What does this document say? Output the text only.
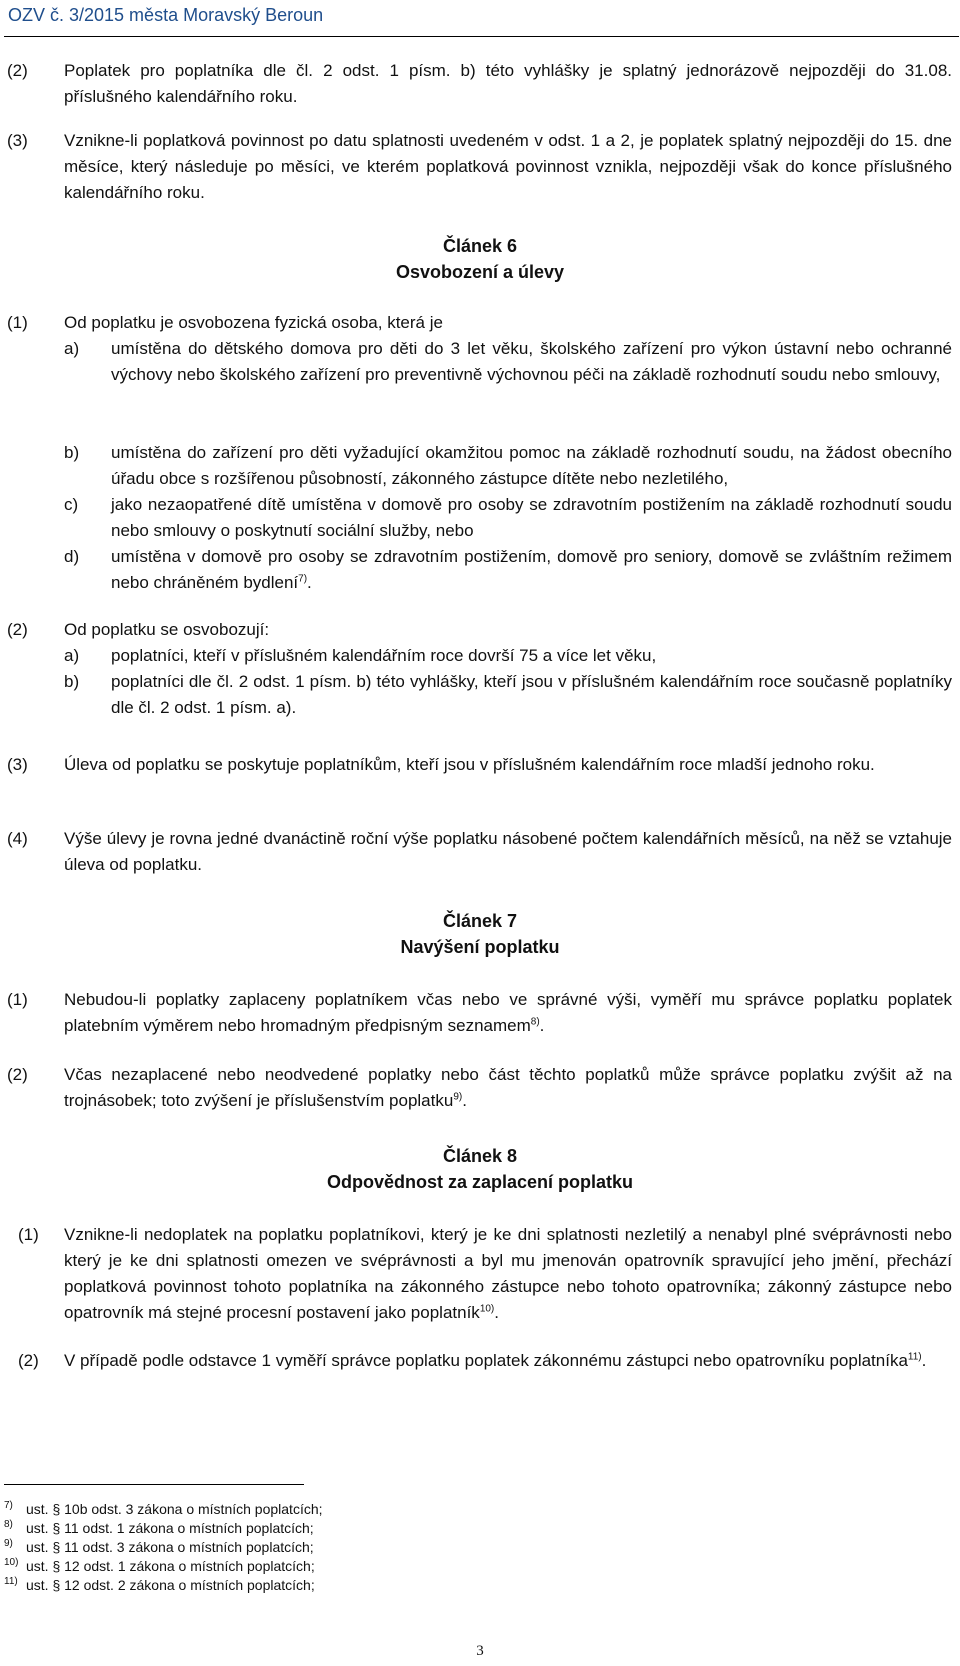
OZV č. 3/2015 města Moravský Beroun
(2) Poplatek pro poplatníka dle čl. 2 odst. 1 písm. b) této vyhlášky je splatný jednorázově nejpozději do 31.08. příslušného kalendářního roku.
(3) Vznikne-li poplatková povinnost po datu splatnosti uvedeném v odst. 1 a 2, je poplatek splatný nejpozději do 15. dne měsíce, který následuje po měsíci, ve kterém poplatková povinnost vznikla, nejpozději však do konce příslušného kalendářního roku.
Článek 6
Osvobození a úlevy
(1) Od poplatku je osvobozena fyzická osoba, která je
a) umístěna do dětského domova pro děti do 3 let věku, školského zařízení pro výkon ústavní nebo ochranné výchovy nebo školského zařízení pro preventivně výchovnou péči na základě rozhodnutí soudu nebo smlouvy,
b) umístěna do zařízení pro děti vyžadující okamžitou pomoc na základě rozhodnutí soudu, na žádost obecního úřadu obce s rozšířenou působností, zákonného zástupce dítěte nebo nezletilého,
c) jako nezaopatřené dítě umístěna v domově pro osoby se zdravotním postižením na základě rozhodnutí soudu nebo smlouvy o poskytnutí sociální služby, nebo
d) umístěna v domově pro osoby se zdravotním postižením, domově pro seniory, domově se zvláštním režimem nebo chráněném bydlení$^{7)}$.
(2) Od poplatku se osvobozují:
a) poplatníci, kteří v příslušném kalendářním roce dovrší 75 a více let věku,
b) poplatníci dle čl. 2 odst. 1 písm. b) této vyhlášky, kteří jsou v příslušném kalendářním roce současně poplatníky dle čl. 2 odst. 1 písm. a).
(3) Úleva od poplatku se poskytuje poplatníkům, kteří jsou v příslušném kalendářním roce mladší jednoho roku.
(4) Výše úlevy je rovna jedné dvanáctině roční výše poplatku násobené počtem kalendářních měsíců, na něž se vztahuje úleva od poplatku.
Článek 7
Navýšení poplatku
(1) Nebudou-li poplatky zaplaceny poplatníkem včas nebo ve správné výši, vyměří mu správce poplatku poplatek platebním výměrem nebo hromadným předpisným seznamem$^{8)}$.
(2) Včas nezaplacené nebo neodvedené poplatky nebo část těchto poplatků může správce poplatku zvýšit až na trojnásobek; toto zvýšení je příslušenstvím poplatku$^{9)}$.
Článek 8
Odpovědnost za zaplacení poplatku
(1) Vznikne-li nedoplatek na poplatku poplatníkovi, který je ke dni splatnosti nezletilý a nenabyl plné svéprávnosti nebo který je ke dni splatnosti omezen ve svéprávnosti a byl mu jmenován opatrovník spravující jeho jmění, přechází poplatková povinnost tohoto poplatníka na zákonného zástupce nebo tohoto opatrovníka; zákonný zástupce nebo opatrovník má stejné procesní postavení jako poplatník$^{10)}$.
(2) V případě podle odstavce 1 vyměří správce poplatku poplatek zákonnému zástupci nebo opatrovníku poplatníka$^{11)}$.
7) ust. § 10b odst. 3 zákona o místních poplatcích;
8) ust. § 11 odst. 1 zákona o místních poplatcích;
9) ust. § 11 odst. 3 zákona o místních poplatcích;
10) ust. § 12 odst. 1 zákona o místních poplatcích;
11) ust. § 12 odst. 2 zákona o místních poplatcích;
3
